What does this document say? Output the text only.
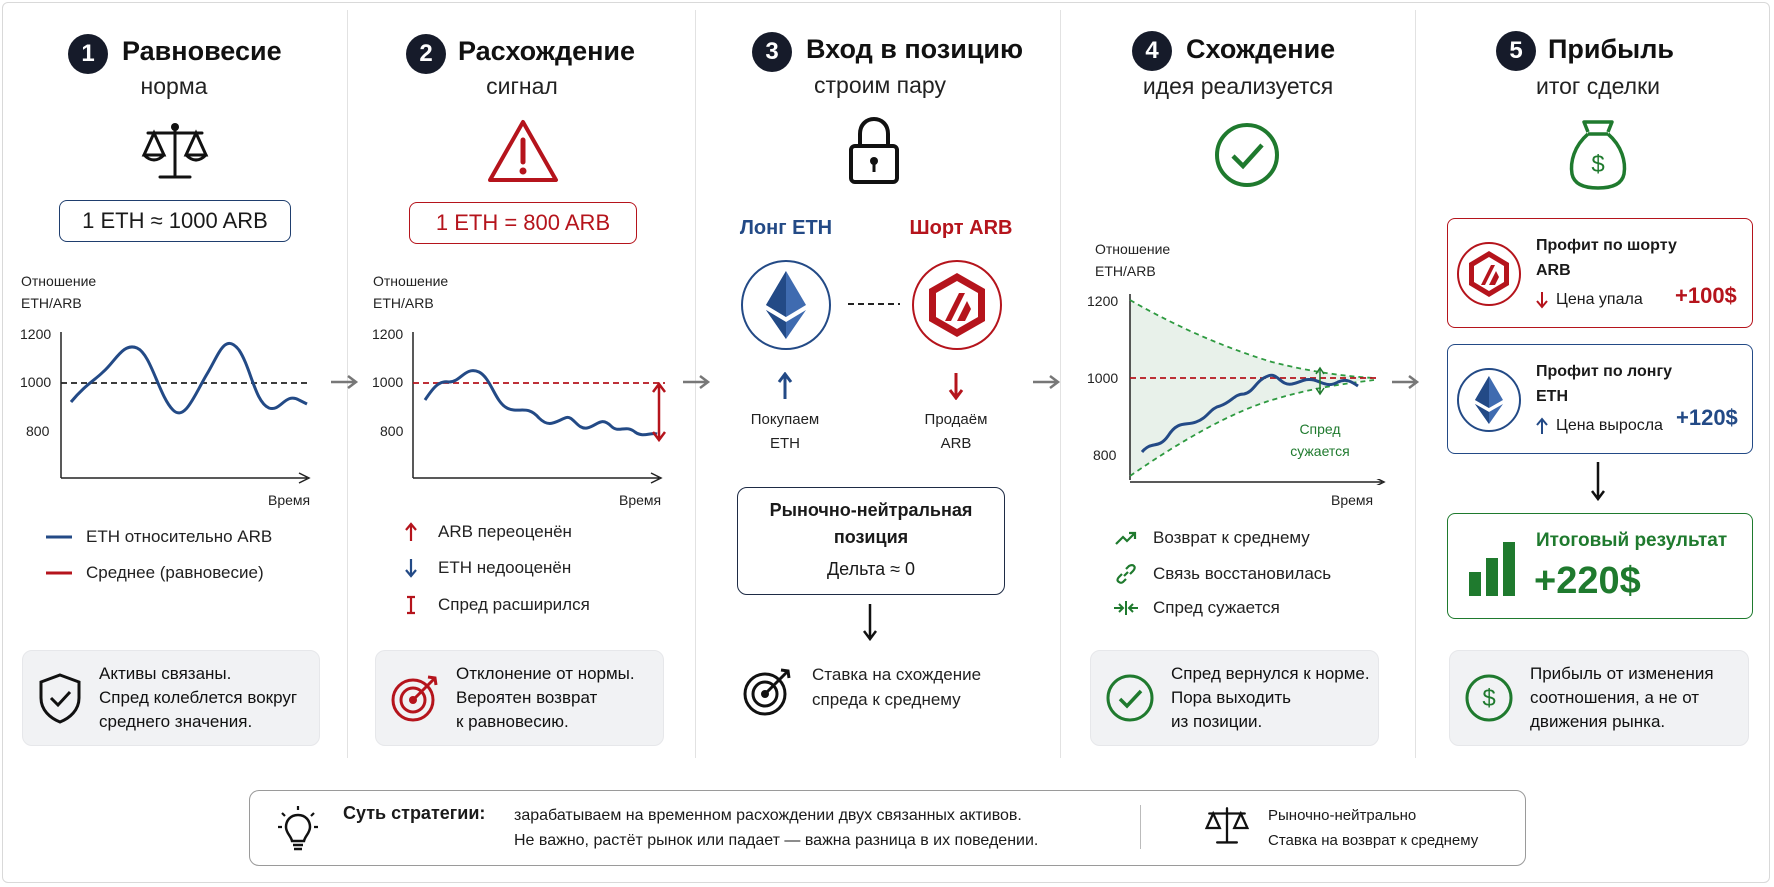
1	Равновесие
норма
1 ETH ≈ 1000 ARB
Отношение
ETH/ARB
1200
1000
800
Время
ETH относительно ARB
Среднее (равновесие)
Активы связаны.
Спред колеблется вокруг
среднего значения.
2 Расхождение
сигнал
1 ETH = 800 ARB
Отношение
ETH/ARB
1200
1000
800
Время
ARB переоценён
ETH недооценён
Спред расширился
Отклонение от нормы.
Вероятен возврат
к равновесию.
3	Вход в позицию
строим пару
Лонг ETH	Шорт ARB
Покупаем
ETH
Продаём
ARB
Рыночно-нейтральная
позиция
Дельта ≈ 0
Ставка на схождение
спреда к среднему
4	Схождение
идея реализуется
Отношение
ETH/ARB
1200
1000
800
Спред
сужается
Время
Возврат к среднему
Связь восстановилась
Спред сужается
Спред вернулся к норме.
Пора выходить
из позиции.
5 Прибыль
итог сделки
$
Профит по шорту
ARB
Цена упала +100$
Профит по лонгу
ETH
Цена выросла +120$
Итоговый результат
+220$
$
Прибыль от изменения
соотношения, а не от
движения рынка.
Суть стратегии: зарабатываем на временном расхождении двух связанных активов.
Не важно, растёт рынок или падает — важна разница в их поведении.
Рыночно-нейтрально
Ставка на возврат к среднему
